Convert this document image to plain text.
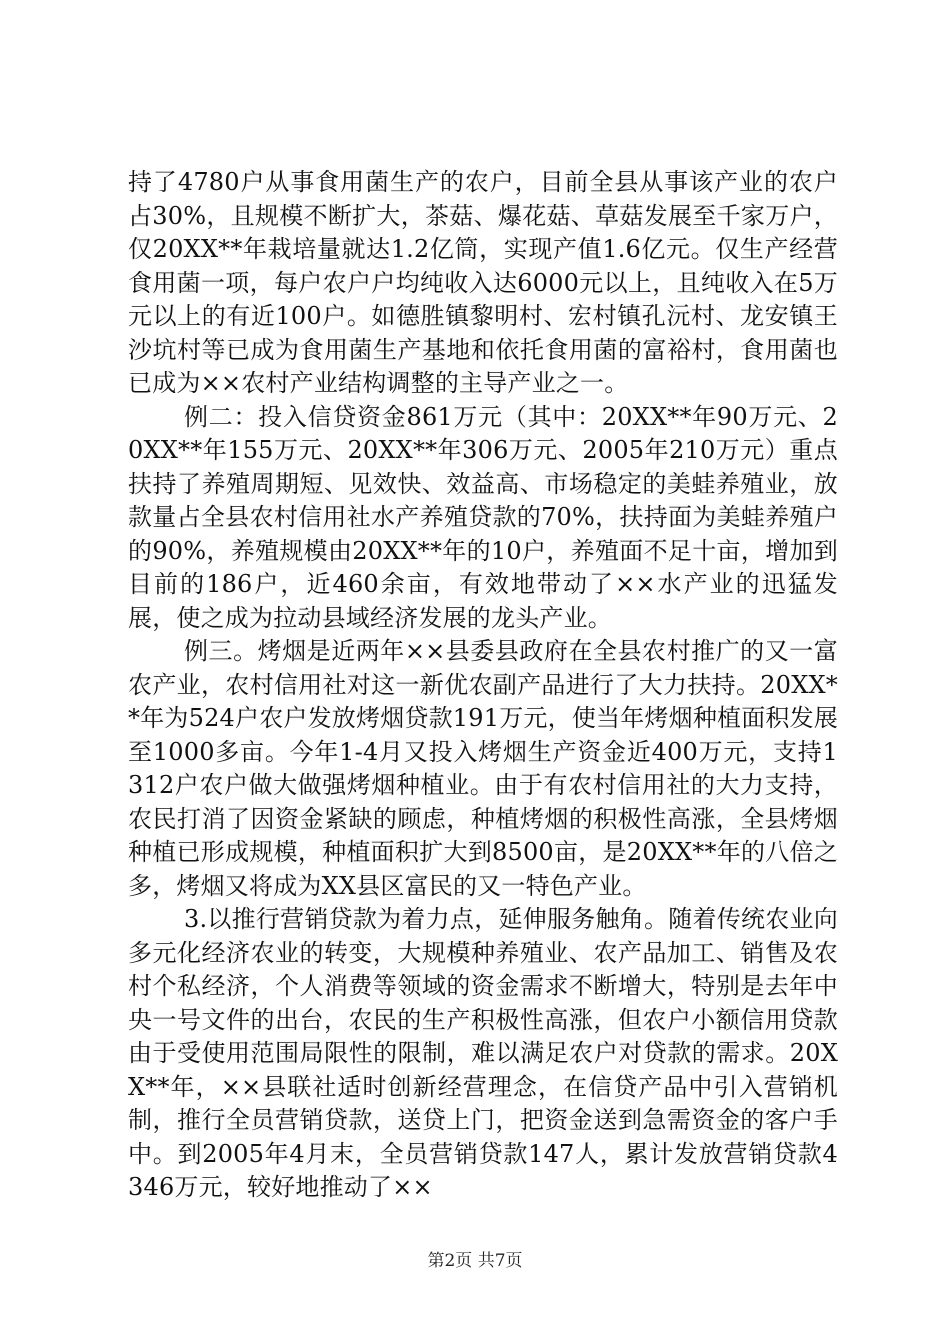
持了4780户从事食用菌生产的农户，目前全县从事该产业的农户占30%，且规模不断扩大，茶菇、爆花菇、草菇发展至千家万户，仅20XX**年栽培量就达1.2亿筒，实现产值1.6亿元。仅生产经营食用菌一项，每户农户户均纯收入达6000元以上，且纯收入在5万元以上的有近100户。如德胜镇黎明村、宏村镇孔沅村、龙安镇王沙坑村等已成为食用菌生产基地和依托食用菌的富裕村，食用菌也已成为××农村产业结构调整的主导产业之一。

例二：投入信贷资金861万元（其中：20XX**年90万元、20XX**年155万元、20XX**年306万元、2005年210万元）重点扶持了养殖周期短、见效快、效益高、市场稳定的美蛙养殖业，放款量占全县农村信用社水产养殖贷款的70%，扶持面为美蛙养殖户的90%，养殖规模由20XX**年的10户，养殖面不足十亩，增加到目前的186户，近460余亩，有效地带动了××水产业的迅猛发展，使之成为拉动县域经济发展的龙头产业。

例三。烤烟是近两年××县委县政府在全县农村推广的又一富农产业，农村信用社对这一新优农副产品进行了大力扶持。20XX**年为524户农户发放烤烟贷款191万元，使当年烤烟种植面积发展至1000多亩。今年1-4月又投入烤烟生产资金近400万元，支持1312户农户做大做强烤烟种植业。由于有农村信用社的大力支持，农民打消了因资金紧缺的顾虑，种植烤烟的积极性高涨，全县烤烟种植已形成规模，种植面积扩大到8500亩，是20XX**年的八倍之多，烤烟又将成为XX县区富民的又一特色产业。

3.以推行营销贷款为着力点，延伸服务触角。随着传统农业向多元化经济农业的转变，大规模种养殖业、农产品加工、销售及农村个私经济，个人消费等领域的资金需求不断增大，特别是去年中央一号文件的出台，农民的生产积极性高涨，但农户小额信用贷款由于受使用范围局限性的限制，难以满足农户对贷款的需求。20XX**年，××县联社适时创新经营理念，在信贷产品中引入营销机制，推行全员营销贷款，送贷上门，把资金送到急需资金的客户手中。到2005年4月末，全员营销贷款147人，累计发放营销贷款4346万元，较好地推动了××

第2页 共7页
